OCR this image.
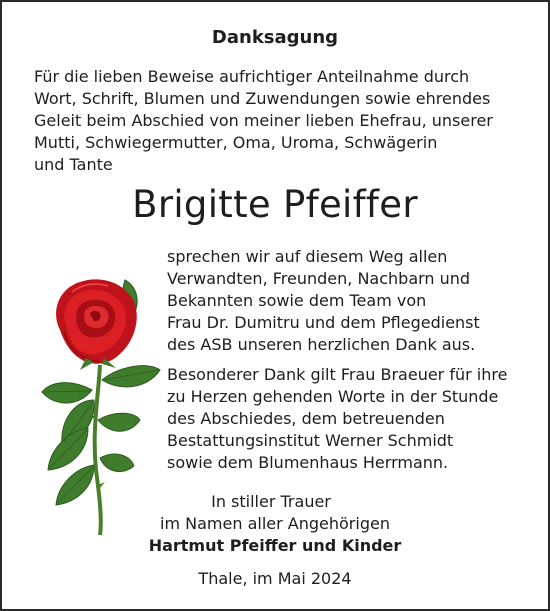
Danksagung
Für die lieben Beweise aufrichtiger Anteilnahme durch
Wort, Schrift, Blumen und Zuwendungen sowie ehrendes
Geleit beim Abschied von meiner lieben Ehefrau, unserer
Mutti, Schwiegermutter, Oma, Uroma, Schwägerin
und Tante
Brigitte Pfeiffer
sprechen wir auf diesem Weg allen
Verwandten, Freunden, Nachbarn und
Bekannten sowie dem Team von
Frau Dr. Dumitru und dem Pflegedienst
des ASB unseren herzlichen Dank aus.
Besonderer Dank gilt Frau Braeuer für ihre
zu Herzen gehenden Worte in der Stunde
des Abschiedes, dem betreuenden
Bestattungsinstitut Werner Schmidt
sowie dem Blumenhaus Herrmann.
In stiller Trauer
im Namen aller Angehörigen
Hartmut Pfeiffer und Kinder
Thale, im Mai 2024
